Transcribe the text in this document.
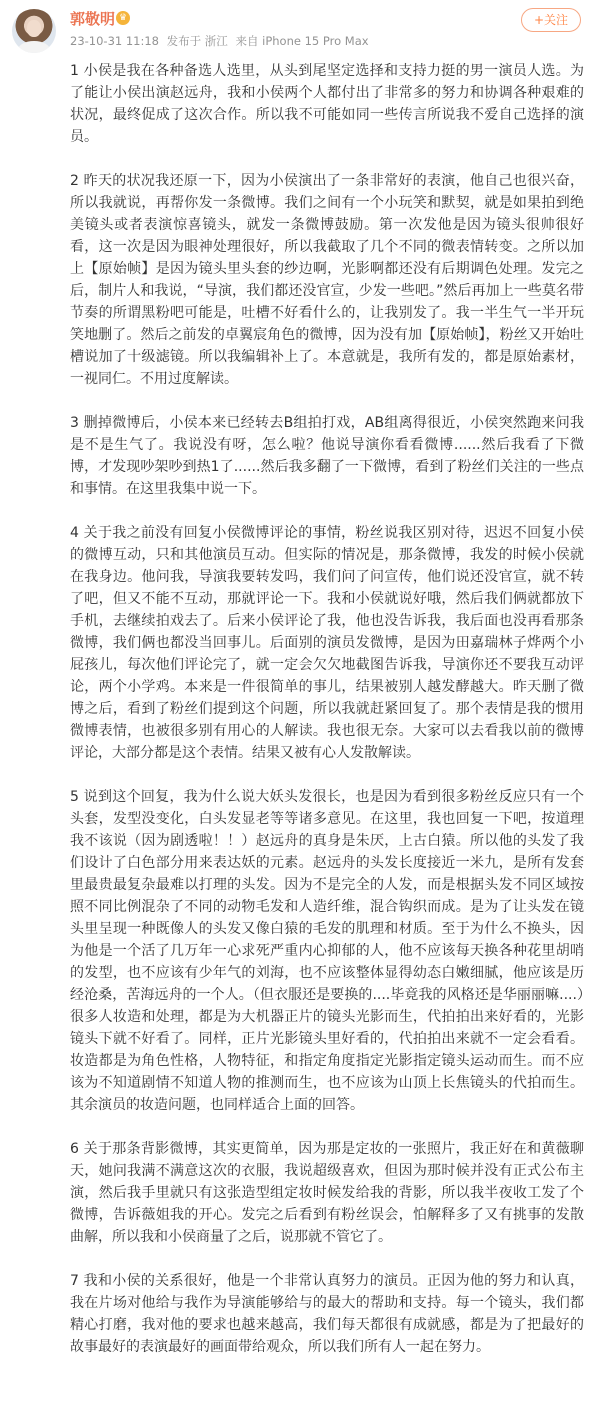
郭敬明 ♛
23-10-31 11:18 发布于 浙江 来自 iPhone 15 Pro Max
+关注

1 小侯是我在各种备选人选里，从头到尾坚定选择和支持力挺的男一演员人选。为了能让小侯出演赵远舟，我和小侯两个人都付出了非常多的努力和协调各种艰难的状况，最终促成了这次合作。所以我不可能如同一些传言所说我不爱自己选择的演员。

2 昨天的状况我还原一下，因为小侯演出了一条非常好的表演，他自己也很兴奋，所以我就说，再帮你发一条微博。我们之间有一个小玩笑和默契，就是如果拍到绝美镜头或者表演惊喜镜头，就发一条微博鼓励。第一次发他是因为镜头很帅很好看，这一次是因为眼神处理很好，所以我截取了几个不同的微表情转变。之所以加上【原始帧】是因为镜头里头套的纱边啊，光影啊都还没有后期调色处理。发完之后，制片人和我说，“导演，我们都还没官宣，少发一些吧。”然后再加上一些莫名带节奏的所谓黑粉吧可能是，吐槽不好看什么的，让我别发了。我一半生气一半开玩笑地删了。然后之前发的卓翼宸角色的微博，因为没有加【原始帧】，粉丝又开始吐槽说加了十级滤镜。所以我编辑补上了。本意就是，我所有发的，都是原始素材，一视同仁。不用过度解读。

3 删掉微博后，小侯本来已经转去B组拍打戏，AB组离得很近，小侯突然跑来问我是不是生气了。我说没有呀，怎么啦？他说导演你看看微博......然后我看了下微博，才发现吵架吵到热1了......然后我多翻了一下微博，看到了粉丝们关注的一些点和事情。在这里我集中说一下。

4 关于我之前没有回复小侯微博评论的事情，粉丝说我区别对待，迟迟不回复小侯的微博互动，只和其他演员互动。但实际的情况是，那条微博，我发的时候小侯就在我身边。他问我，导演我要转发吗，我们问了问宣传，他们说还没官宣，就不转了吧，但又不能不互动，那就评论一下。我和小侯就说好哦，然后我们俩就都放下手机，去继续拍戏去了。后来小侯评论了我，他也没告诉我，我后面也没再看那条微博，我们俩也都没当回事儿。后面别的演员发微博，是因为田嘉瑞林子烨两个小屁孩儿，每次他们评论完了，就一定会欠欠地截图告诉我，导演你还不要我互动评论，两个小学鸡。本来是一件很简单的事儿，结果被别人越发酵越大。昨天删了微博之后，看到了粉丝们提到这个问题，所以我就赶紧回复了。那个表情是我的惯用微博表情，也被很多别有用心的人解读。我也很无奈。大家可以去看我以前的微博评论，大部分都是这个表情。结果又被有心人发散解读。

5 说到这个回复，我为什么说大妖头发很长，也是因为看到很多粉丝反应只有一个头套，发型没变化，白头发显老等等诸多意见。在这里，我也回复一下吧，按道理我不该说（因为剧透啦！！）赵远舟的真身是朱厌，上古白猿。所以他的头发了我们设计了白色部分用来表达妖的元素。赵远舟的头发长度接近一米九，是所有发套里最贵最复杂最难以打理的头发。因为不是完全的人发，而是根据头发不同区域按照不同比例混杂了不同的动物毛发和人造纤维，混合钩织而成。是为了让头发在镜头里呈现一种既像人的头发又像白猿的毛发的肌理和材质。至于为什么不换头，因为他是一个活了几万年一心求死严重内心抑郁的人，他不应该每天换各种花里胡哨的发型，也不应该有少年气的刘海，也不应该整体显得幼态白嫩细腻，他应该是历经沧桑，苦海远舟的一个人。（但衣服还是要换的....毕竟我的风格还是华丽丽嘛....）很多人妆造和处理，都是为大机器正片的镜头光影而生，代拍拍出来好看的，光影镜头下就不好看了。同样，正片光影镜头里好看的，代拍拍出来就不一定会看看。妆造都是为角色性格，人物特征，和指定角度指定光影指定镜头运动而生。而不应该为不知道剧情不知道人物的推测而生，也不应该为山顶上长焦镜头的代拍而生。其余演员的妆造问题，也同样适合上面的回答。

6 关于那条背影微博，其实更简单，因为那是定妆的一张照片，我正好在和黄薇聊天，她问我满不满意这次的衣服，我说超级喜欢，但因为那时候并没有正式公布主演，然后我手里就只有这张造型组定妆时候发给我的背影，所以我半夜收工发了个微博，告诉薇姐我的开心。发完之后看到有粉丝误会，怕解释多了又有挑事的发散曲解，所以我和小侯商量了之后，说那就不管它了。

7 我和小侯的关系很好，他是一个非常认真努力的演员。正因为他的努力和认真，我在片场对他给与我作为导演能够给与的最大的帮助和支持。每一个镜头，我们都精心打磨，我对他的要求也越来越高，我们每天都很有成就感，都是为了把最好的故事最好的表演最好的画面带给观众，所以我们所有人一起在努力。
